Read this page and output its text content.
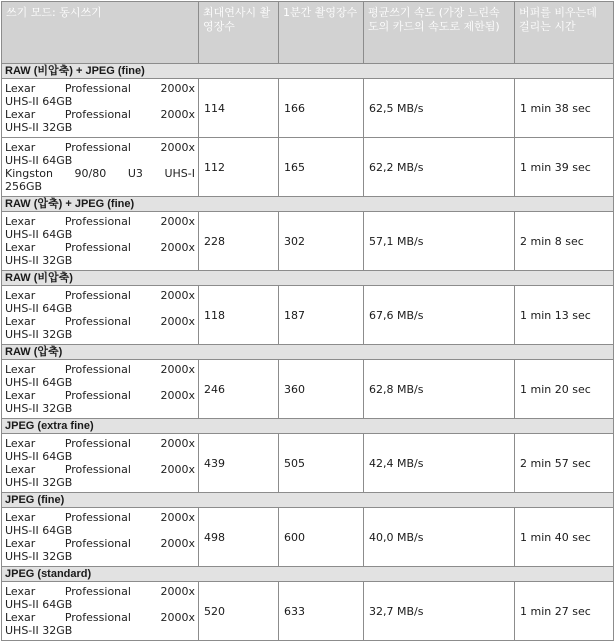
쓰기 모드: 동시쓰기	최대연사시 촬영장수	1분간 촬영장수	평균쓰기 속도 (가장 느린속도의 카드의 속도로 제한됨)	버퍼를 비우는데 걸리는 시간
RAW (비압축) + JPEG (fine)				

Lexar Professional 2000x
UHS-II 64GB
Lexar Professional 2000x
UHS-II 32GB	114	166	62,5 MB/s	1 min 38 sec

Lexar Professional 2000x
UHS-II 64GB
Kingston 90/80 U3 UHS-I
256GB	112	165	62,2 MB/s	1 min 39 sec
RAW (압축) + JPEG (fine)				

Lexar Professional 2000x
UHS-II 64GB
Lexar Professional 2000x
UHS-II 32GB	228	302	57,1 MB/s	2 min 8 sec
RAW (비압축)				

Lexar Professional 2000x
UHS-II 64GB
Lexar Professional 2000x
UHS-II 32GB	118	187	67,6 MB/s	1 min 13 sec
RAW (압축)				

Lexar Professional 2000x
UHS-II 64GB
Lexar Professional 2000x
UHS-II 32GB	246	360	62,8 MB/s	1 min 20 sec
JPEG (extra fine)				

Lexar Professional 2000x
UHS-II 64GB
Lexar Professional 2000x
UHS-II 32GB	439	505	42,4 MB/s	2 min 57 sec
JPEG (fine)				

Lexar Professional 2000x
UHS-II 64GB
Lexar Professional 2000x
UHS-II 32GB	498	600	40,0 MB/s	1 min 40 sec
JPEG (standard)				

Lexar Professional 2000x
UHS-II 64GB
Lexar Professional 2000x
UHS-II 32GB	520	633	32,7 MB/s	1 min 27 sec
